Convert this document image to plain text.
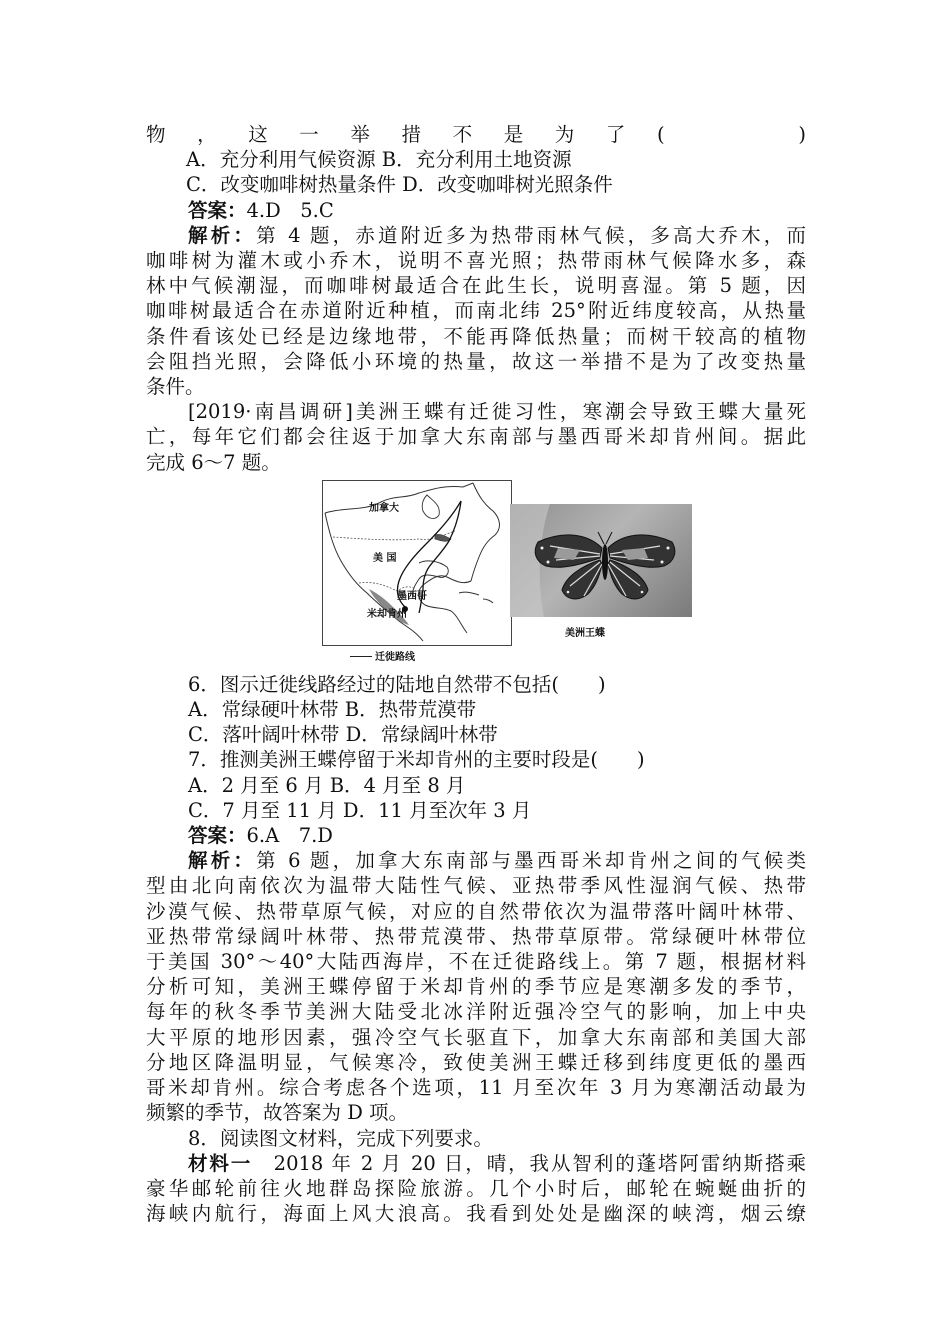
物，这一举措不是为了(　　)
A．充分利用气候资源 B．充分利用土地资源
C．改变咖啡树热量条件 D．改变咖啡树光照条件
答案：4.D　5.C
解析：第 4 题，赤道附近多为热带雨林气候，多高大乔木，而
咖啡树为灌木或小乔木，说明不喜光照；热带雨林气候降水多，森
林中气候潮湿，而咖啡树最适合在此生长，说明喜湿。第 5 题，因
咖啡树最适合在赤道附近种植，而南北纬 25°附近纬度较高，从热量
条件看该处已经是边缘地带，不能再降低热量；而树干较高的植物
会阻挡光照，会降低小环境的热量，故这一举措不是为了改变热量
条件。
[2019·南昌调研]美洲王蝶有迁徙习性，寒潮会导致王蝶大量死
亡，每年它们都会往返于加拿大东南部与墨西哥米却肯州间。据此
完成 6～7 题。
加拿大
美 国
墨西哥
米却肯州
迁徙路线
美洲王蝶
6．图示迁徙线路经过的陆地自然带不包括(　　)
A．常绿硬叶林带 B．热带荒漠带
C．落叶阔叶林带 D．常绿阔叶林带
7．推测美洲王蝶停留于米却肯州的主要时段是(　　)
A．2 月至 6 月 B．4 月至 8 月
C．7 月至 11 月 D．11 月至次年 3 月
答案：6.A　7.D
解析：第 6 题，加拿大东南部与墨西哥米却肯州之间的气候类
型由北向南依次为温带大陆性气候、亚热带季风性湿润气候、热带
沙漠气候、热带草原气候，对应的自然带依次为温带落叶阔叶林带、
亚热带常绿阔叶林带、热带荒漠带、热带草原带。常绿硬叶林带位
于美国 30°～40°大陆西海岸，不在迁徙路线上。第 7 题，根据材料
分析可知，美洲王蝶停留于米却肯州的季节应是寒潮多发的季节，
每年的秋冬季节美洲大陆受北冰洋附近强冷空气的影响，加上中央
大平原的地形因素，强冷空气长驱直下，加拿大东南部和美国大部
分地区降温明显，气候寒冷，致使美洲王蝶迁移到纬度更低的墨西
哥米却肯州。综合考虑各个选项，11 月至次年 3 月为寒潮活动最为
频繁的季节，故答案为 D 项。
8．阅读图文材料，完成下列要求。
材料一　2018 年 2 月 20 日，晴，我从智利的蓬塔阿雷纳斯搭乘
豪华邮轮前往火地群岛探险旅游。几个小时后，邮轮在蜿蜒曲折的
海峡内航行，海面上风大浪高。我看到处处是幽深的峡湾，烟云缭
